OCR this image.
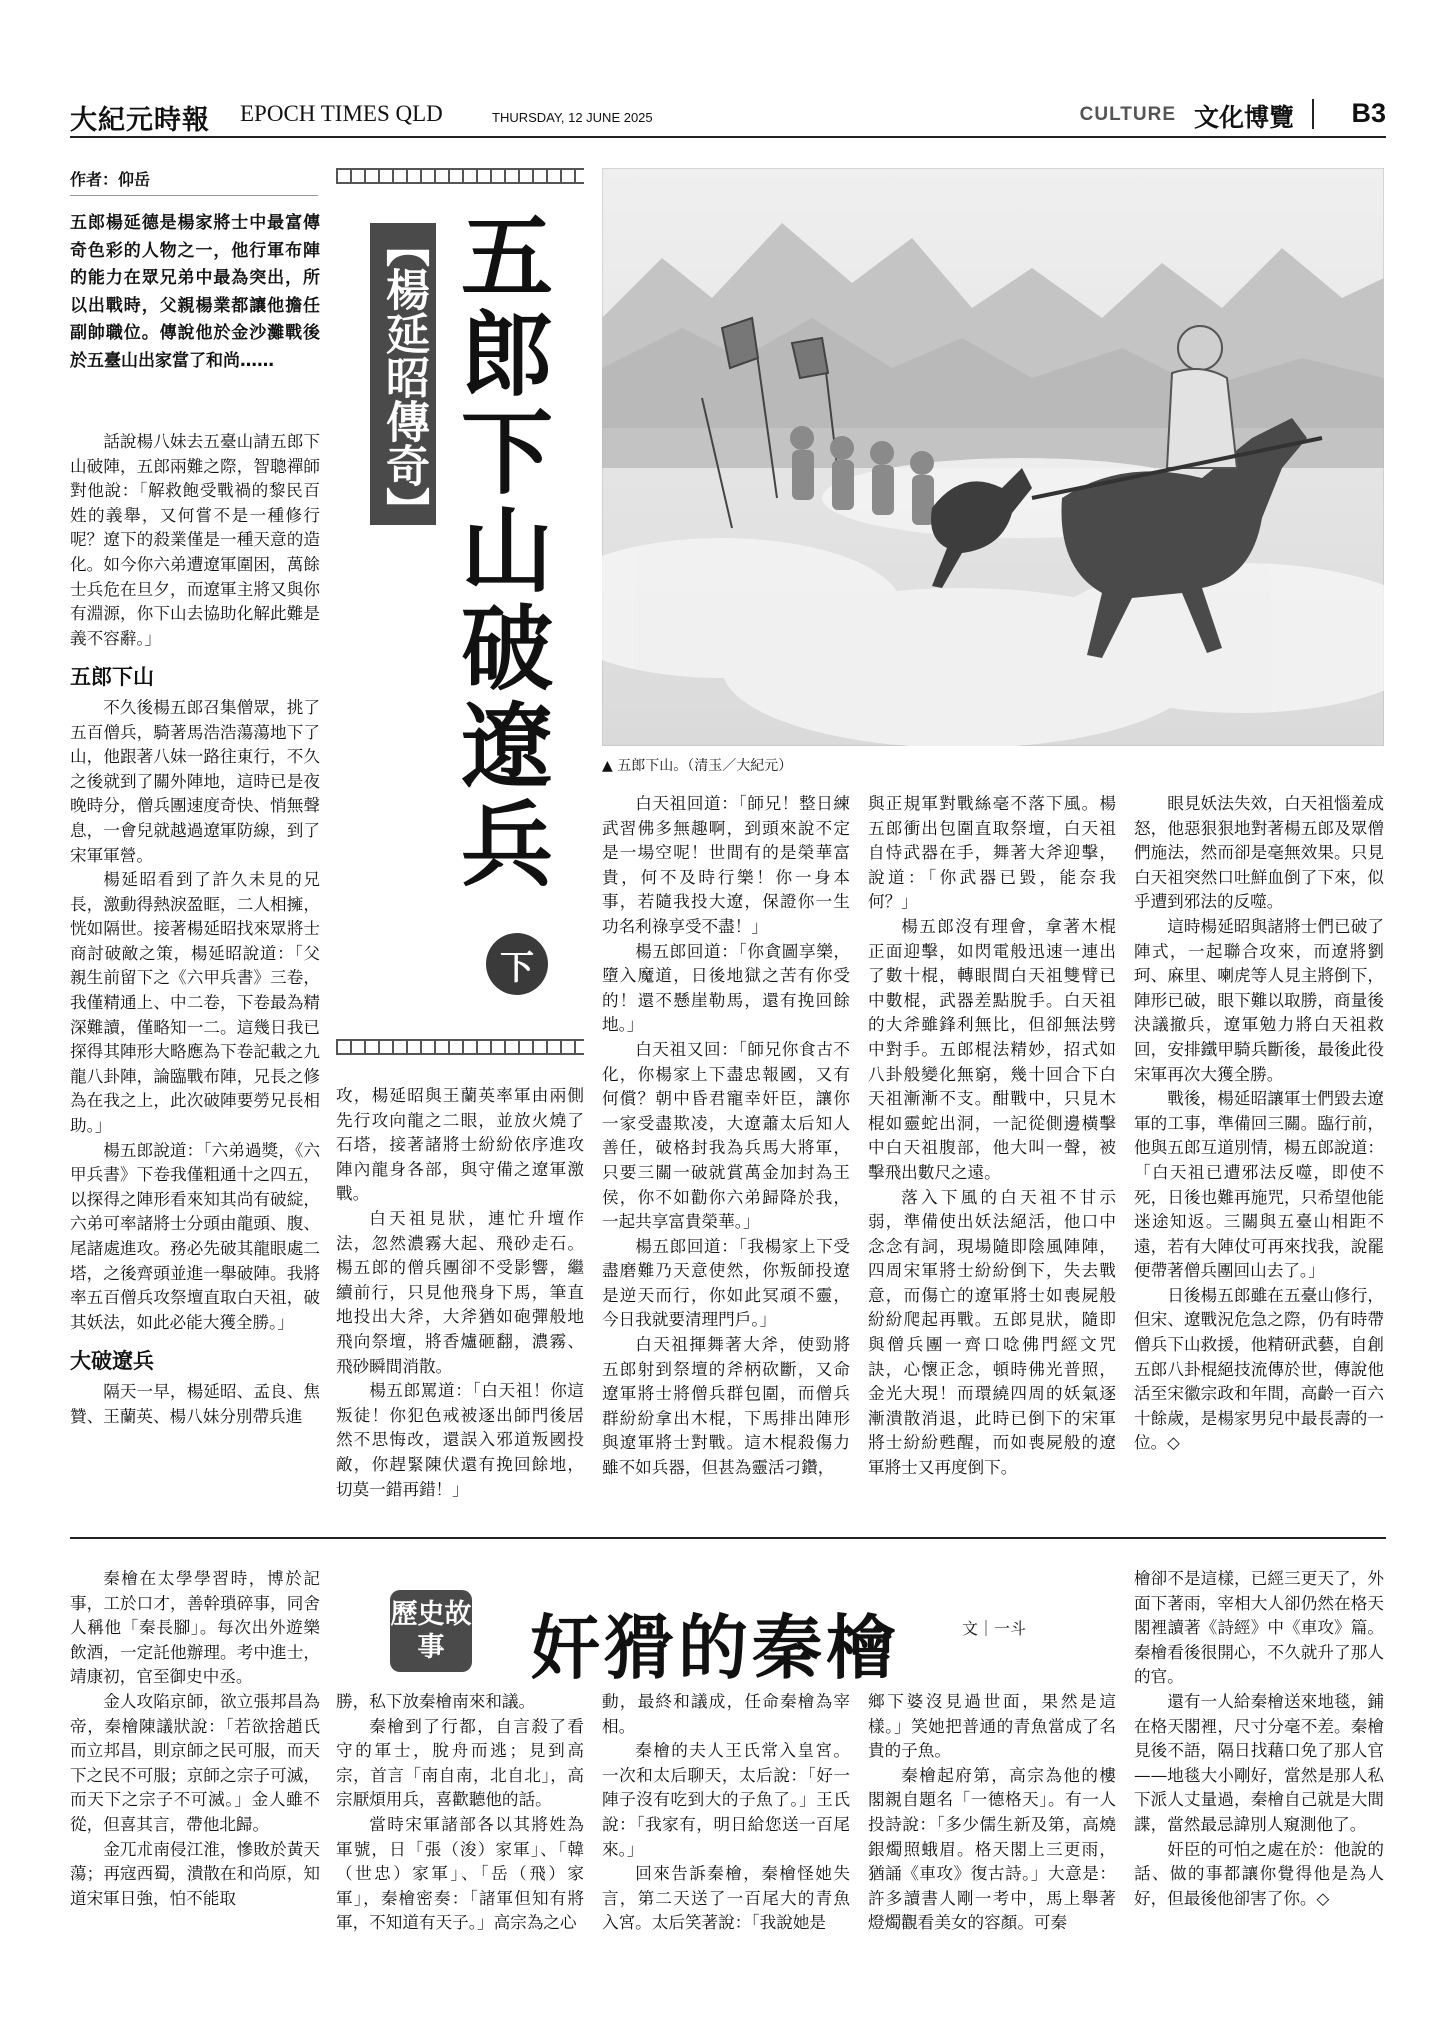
大紀元時報 EPOCH TIMES QLD	THURSDAY, 12 JUNE 2025	CULTURE 文化博覽 B3
作者：仰岳
五郎楊延德是楊家將士中最富傳奇色彩的人物之一，他行軍布陣的能力在眾兄弟中最為突出，所以出戰時，父親楊業都讓他擔任副帥職位。傳說他於金沙灘戰後於五臺山出家當了和尚……	【楊延昭傳奇】 五郎下山破遼兵
下
▲ 五郎下山。（清玉／大紀元）

話說楊八妹去五臺山請五郎下山破陣，五郎兩難之際，智聰禪師對他說：「解救飽受戰禍的黎民百姓的義舉，又何嘗不是一種修行呢？遼下的殺業僅是一種天意的造化。如今你六弟遭遼軍圍困，萬餘士兵危在旦夕，而遼軍主將又與你有淵源，你下山去協助化解此難是義不容辭。」

五郎下山

不久後楊五郎召集僧眾，挑了五百僧兵，騎著馬浩浩蕩蕩地下了山，他跟著八妹一路往東行，不久之後就到了關外陣地，這時已是夜晚時分，僧兵團速度奇快、悄無聲息，一會兒就越過遼軍防線，到了宋軍軍營。

楊延昭看到了許久未見的兄長，激動得熱淚盈眶，二人相擁，恍如隔世。接著楊延昭找來眾將士商討破敵之策，楊延昭說道：「父親生前留下之《六甲兵書》三卷，我僅精通上、中二卷，下卷最為精深難讀，僅略知一二。這幾日我已探得其陣形大略應為下卷記載之九龍八卦陣，論臨戰布陣，兄長之修為在我之上，此次破陣要勞兄長相助。」

楊五郎說道：「六弟過獎，《六甲兵書》下卷我僅粗通十之四五，以探得之陣形看來知其尚有破綻，六弟可率諸將士分頭由龍頭、腹、尾諸處進攻。務必先破其龍眼處二塔，之後齊頭並進一舉破陣。我將率五百僧兵攻祭壇直取白天祖，破其妖法，如此必能大獲全勝。」

大破遼兵

隔天一早，楊延昭、孟良、焦贊、王蘭英、楊八妹分別帶兵進

攻，楊延昭與王蘭英率軍由兩側先行攻向龍之二眼，並放火燒了石塔，接著諸將士紛紛依序進攻陣內龍身各部，與守備之遼軍激戰。

白天祖見狀，連忙升壇作法，忽然濃霧大起、飛砂走石。楊五郎的僧兵團卻不受影響，繼續前行，只見他飛身下馬，筆直地投出大斧，大斧猶如砲彈般地飛向祭壇，將香爐砸翻，濃霧、飛砂瞬間消散。

楊五郎罵道：「白天祖！你這叛徒！你犯色戒被逐出師門後居然不思悔改，還誤入邪道叛國投敵，你趕緊陳伏還有挽回餘地，切莫一錯再錯！」

白天祖回道：「師兄！整日練武習佛多無趣啊，到頭來說不定是一場空呢！世間有的是榮華富貴，何不及時行樂！你一身本事，若隨我投大遼，保證你一生功名利祿享受不盡！」

楊五郎回道：「你貪圖享樂，墮入魔道，日後地獄之苦有你受的！還不懸崖勒馬，還有挽回餘地。」

白天祖又回：「師兄你食古不化，你楊家上下盡忠報國，又有何償？朝中昏君寵幸奸臣，讓你一家受盡欺凌，大遼蕭太后知人善任，破格封我為兵馬大將軍，只要三關一破就賞萬金加封為王侯，你不如勸你六弟歸降於我，一起共享富貴榮華。」

楊五郎回道：「我楊家上下受盡磨難乃天意使然，你叛師投遼是逆天而行，你如此冥頑不靈，今日我就要清理門戶。」

白天祖揮舞著大斧，使勁將五郎射到祭壇的斧柄砍斷，又命遼軍將士將僧兵群包圍，而僧兵群紛紛拿出木棍，下馬排出陣形與遼軍將士對戰。這木棍殺傷力雖不如兵器，但甚為靈活刁鑽，

與正規軍對戰絲毫不落下風。楊五郎衝出包圍直取祭壇，白天祖自恃武器在手，舞著大斧迎擊，說道：「你武器已毀，能奈我何？」

楊五郎沒有理會，拿著木棍正面迎擊，如閃電般迅速一連出了數十棍，轉眼間白天祖雙臂已中數棍，武器差點脫手。白天祖的大斧雖鋒利無比，但卻無法劈中對手。五郎棍法精妙，招式如八卦般變化無窮，幾十回合下白天祖漸漸不支。酣戰中，只見木棍如靈蛇出洞，一記從側邊橫擊中白天祖腹部，他大叫一聲，被擊飛出數尺之遠。

落入下風的白天祖不甘示弱，準備使出妖法絕活，他口中念念有詞，現場隨即陰風陣陣，四周宋軍將士紛紛倒下，失去戰意，而傷亡的遼軍將士如喪屍般紛紛爬起再戰。五郎見狀，隨即與僧兵團一齊口唸佛門經文咒訣，心懷正念，頓時佛光普照，金光大現！而環繞四周的妖氣逐漸潰散消退，此時已倒下的宋軍將士紛紛甦醒，而如喪屍般的遼軍將士又再度倒下。

眼見妖法失效，白天祖惱羞成怒，他惡狠狠地對著楊五郎及眾僧們施法，然而卻是毫無效果。只見白天祖突然口吐鮮血倒了下來，似乎遭到邪法的反噬。

這時楊延昭與諸將士們已破了陣式，一起聯合攻來，而遼將劉珂、麻里、喇虎等人見主將倒下，陣形已破，眼下難以取勝，商量後決議撤兵，遼軍勉力將白天祖救回，安排鐵甲騎兵斷後，最後此役宋軍再次大獲全勝。

戰後，楊延昭讓軍士們毀去遼軍的工事，準備回三關。臨行前，他與五郎互道別情，楊五郎說道：「白天祖已遭邪法反噬，即使不死，日後也難再施咒，只希望他能迷途知返。三關與五臺山相距不遠，若有大陣仗可再來找我，說罷便帶著僧兵團回山去了。」

日後楊五郎雖在五臺山修行，但宋、遼戰況危急之際，仍有時帶僧兵下山救援，他精研武藝，自創五郎八卦棍絕技流傳於世，傳說他活至宋徽宗政和年間，高齡一百六十餘歲，是楊家男兒中最長壽的一位。◇

歷史故事	奸猾的秦檜	文｜一斗

秦檜在太學學習時，博於記事，工於口才，善幹瑣碎事，同舍人稱他「秦長腳」。每次出外遊樂飲酒，一定託他辦理。考中進士，靖康初，官至御史中丞。

金人攻陷京師，欲立張邦昌為帝，秦檜陳議狀說：「若欲捨趙氏而立邦昌，則京師之民可服，而天下之民不可服；京師之宗子可滅，而天下之宗子不可滅。」金人雖不從，但喜其言，帶他北歸。

金兀朮南侵江淮，慘敗於黃天蕩；再寇西蜀，潰散在和尚原，知道宋軍日強，怕不能取

勝，私下放秦檜南來和議。

秦檜到了行都，自言殺了看守的軍士，脫舟而逃；見到高宗，首言「南自南，北自北」，高宗厭煩用兵，喜歡聽他的話。

當時宋軍諸部各以其將姓為軍號，日「張（浚）家軍」、「韓（世忠）家軍」、「岳（飛）家軍」，秦檜密奏：「諸軍但知有將軍，不知道有天子。」高宗為之心

動，最終和議成，任命秦檜為宰相。

秦檜的夫人王氏常入皇宮。一次和太后聊天，太后說：「好一陣子沒有吃到大的子魚了。」王氏說：「我家有，明日給您送一百尾來。」

回來告訴秦檜，秦檜怪她失言，第二天送了一百尾大的青魚入宮。太后笑著說：「我說她是

鄉下婆沒見過世面，果然是這樣。」笑她把普通的青魚當成了名貴的子魚。

秦檜起府第，高宗為他的樓閣親自題名「一德格天」。有一人投詩說：「多少儒生新及第，高燒銀燭照蛾眉。格天閣上三更雨，猶誦《車攻》復古詩。」大意是：許多讀書人剛一考中，馬上舉著燈燭觀看美女的容顏。可秦

檜卻不是這樣，已經三更天了，外面下著雨，宰相大人卻仍然在格天閣裡讀著《詩經》中《車攻》篇。秦檜看後很開心，不久就升了那人的官。

還有一人給秦檜送來地毯，鋪在格天閣裡，尺寸分毫不差。秦檜見後不語，隔日找藉口免了那人官——地毯大小剛好，當然是那人私下派人丈量過，秦檜自己就是大間諜，當然最忌諱別人窺測他了。

奸臣的可怕之處在於：他說的話、做的事都讓你覺得他是為人好，但最後他卻害了你。◇
